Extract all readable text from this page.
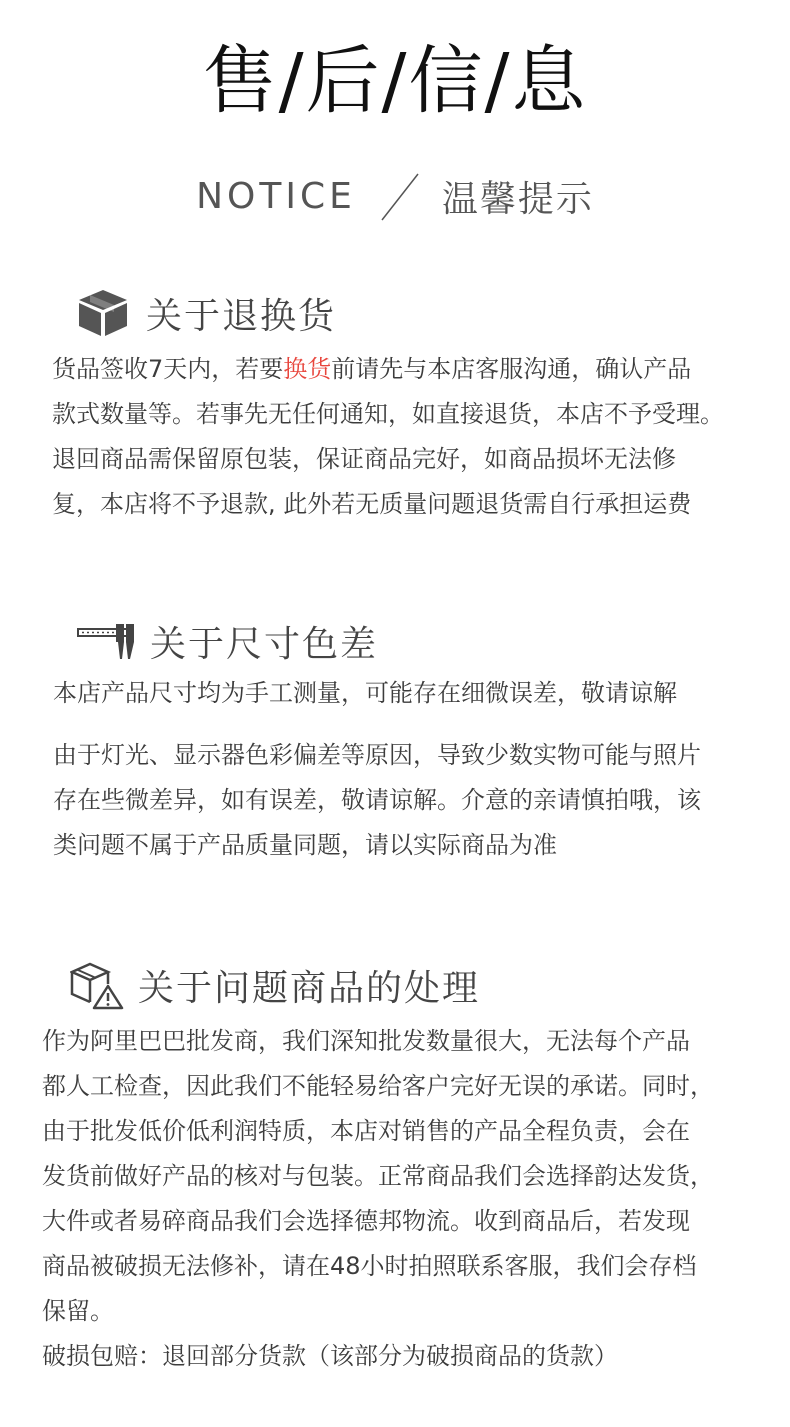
售/后/信/息
NOTICE 温馨提示
关于退换货
货品签收7天内，若要换货前请先与本店客服沟通，确认产品
款式数量等。若事先无任何通知，如直接退货，本店不予受理。
退回商品需保留原包装，保证商品完好，如商品损坏无法修
复，本店将不予退款, 此外若无质量问题退货需自行承担运费
关于尺寸色差
本店产品尺寸均为手工测量，可能存在细微误差，敬请谅解
由于灯光、显示器色彩偏差等原因，导致少数实物可能与照片
存在些微差异，如有误差，敬请谅解。介意的亲请慎拍哦，该
类问题不属于产品质量同题，请以实际商品为准
关于问题商品的处理
作为阿里巴巴批发商，我们深知批发数量很大，无法每个产品
都人工检查，因此我们不能轻易给客户完好无误的承诺。同时，
由于批发低价低利润特质，本店对销售的产品全程负责，会在
发货前做好产品的核对与包装。正常商品我们会选择韵达发货，
大件或者易碎商品我们会选择德邦物流。收到商品后，若发现
商品被破损无法修补，请在48小时拍照联系客服，我们会存档
保留。
破损包赔：退回部分货款（该部分为破损商品的货款）
